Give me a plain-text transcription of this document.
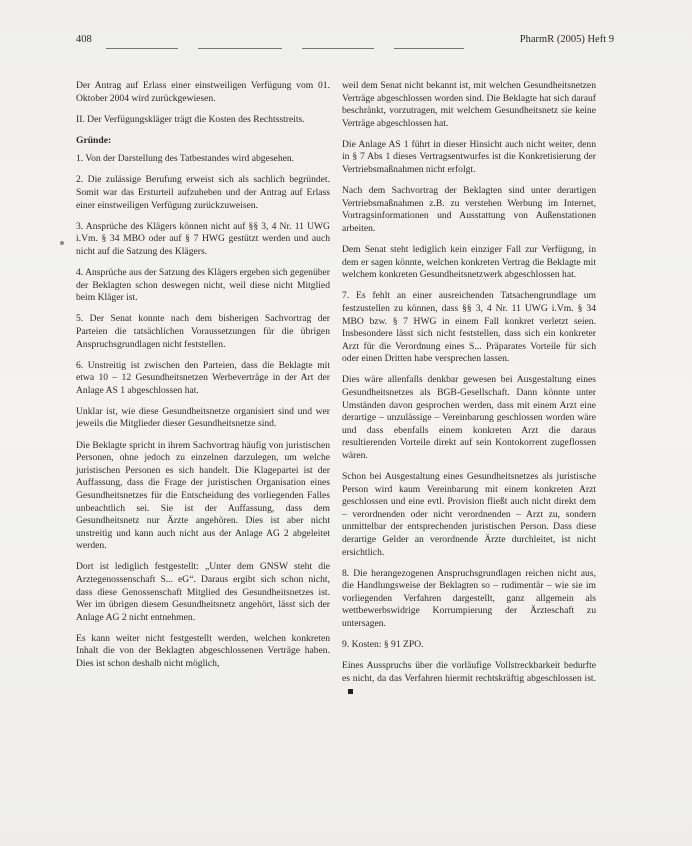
408	PharmR (2005) Heft 9

Der Antrag auf Erlass einer einstweiligen Verfügung vom 01. Oktober 2004 wird zurückgewiesen.

II. Der Verfügungskläger trägt die Kosten des Rechtsstreits.

Gründe:

1. Von der Darstellung des Tatbestandes wird abgesehen.

2. Die zulässige Berufung erweist sich als sachlich begründet. Somit war das Ersturteil aufzuheben und der Antrag auf Erlass einer einstweiligen Verfügung zurückzuweisen.

3. Ansprüche des Klägers können nicht auf §§ 3, 4 Nr. 11 UWG i.Vm. § 34 MBO oder auf § 7 HWG gestützt werden und auch nicht auf die Satzung des Klägers.

4. Ansprüche aus der Satzung des Klägers ergeben sich gegenüber der Beklagten schon deswegen nicht, weil diese nicht Mitglied beim Kläger ist.

5. Der Senat konnte nach dem bisherigen Sachvortrag der Parteien die tatsächlichen Voraussetzungen für die übrigen Anspruchsgrundlagen nicht feststellen.

6. Unstreitig ist zwischen den Parteien, dass die Beklagte mit etwa 10 – 12 Gesundheitsnetzen Werbeverträge in der Art der Anlage AS 1 abgeschlossen hat.

Unklar ist, wie diese Gesundheitsnetze organisiert sind und wer jeweils die Mitglieder dieser Gesundheitsnetze sind.

Die Beklagte spricht in ihrem Sachvortrag häufig von juristischen Personen, ohne jedoch zu einzelnen darzulegen, um welche juristischen Personen es sich handelt. Die Klagepartei ist der Auffassung, dass die Frage der juristischen Organisation eines Gesundheitsnetzes für die Entscheidung des vorliegenden Falles unbeachtlich sei. Sie ist der Auffassung, dass dem Gesundheitsnetz nur Ärzte angehören. Dies ist aber nicht unstreitig und kann auch nicht aus der Anlage AG 2 abgeleitet werden.

Dort ist lediglich festgestellt: „Unter dem GNSW steht die Arztegenossenschaft S... eG“. Daraus ergibt sich schon nicht, dass diese Genossenschaft Mitglied des Gesundheitsnetzes ist. Wer im übrigen diesem Gesundheitsnetz angehört, lässt sich der Anlage AG 2 nicht entnehmen.

Es kann weiter nicht festgestellt werden, welchen konkreten Inhalt die von der Beklagten abgeschlossenen Verträge haben. Dies ist schon deshalb nicht möglich,

weil dem Senat nicht bekannt ist, mit welchen Gesundheitsnetzen Verträge abgeschlossen worden sind. Die Beklagte hat sich darauf beschränkt, vorzutragen, mit welchem Gesundheitsnetz sie keine Verträge abgeschlossen hat.

Die Anlage AS 1 führt in dieser Hinsicht auch nicht weiter, denn in § 7 Abs 1 dieses Vertragsentwurfes ist die Konkretisierung der Vertriebsmaßnahmen nicht erfolgt.

Nach dem Sachvortrag der Beklagten sind unter derartigen Vertriebsmaßnahmen z.B. zu verstehen Werbung im Internet, Vortragsinformationen und Ausstattung von Außenstationen arbeiten.

Dem Senat steht lediglich kein einziger Fall zur Verfügung, in dem er sagen könnte, welchen konkreten Vertrag die Beklagte mit welchem konkreten Gesundheitsnetzwerk abgeschlossen hat.

7. Es fehlt an einer ausreichenden Tatsachengrundlage um festzustellen zu können, dass §§ 3, 4 Nr. 11 UWG i.Vm. § 34 MBO bzw. § 7 HWG in einem Fall konkret verletzt seien. Insbesondere lässt sich nicht feststellen, dass sich ein konkreter Arzt für die Verordnung eines S... Präparates Vorteile für sich oder einen Dritten habe versprechen lassen.

Dies wäre allenfalls denkbar gewesen bei Ausgestaltung eines Gesundheitsnetzes als BGB-Gesellschaft. Dann könnte unter Umständen davon gesprochen werden, dass mit einem Arzt eine derartige – unzulässige – Vereinbarung geschlossen worden wäre und dass ebenfalls einem konkreten Arzt die daraus resultierenden Vorteile direkt auf sein Kontokorrent zugeflossen wären.

Schon bei Ausgestaltung eines Gesundheitsnetzes als juristische Person wird kaum Vereinbarung mit einem konkreten Arzt geschlossen und eine evtl. Provision fließt auch nicht direkt dem – verordnenden oder nicht verordnenden – Arzt zu, sondern unmittelbar der entsprechenden juristischen Person. Dass diese derartige Gelder an verordnende Ärzte durchleitet, ist nicht ersichtlich.

8. Die herangezogenen Anspruchsgrundlagen reichen nicht aus, die Handlungsweise der Beklagten so – rudimentär – wie sie im vorliegenden Verfahren dargestellt, ganz allgemein als wettbewerbswidrige Korrumpierung der Ärzteschaft zu untersagen.

9. Kosten: § 91 ZPO.

Eines Ausspruchs über die vorläufige Vollstreckbarkeit bedurfte es nicht, da das Verfahren hiermit rechtskräftig abgeschlossen ist.
